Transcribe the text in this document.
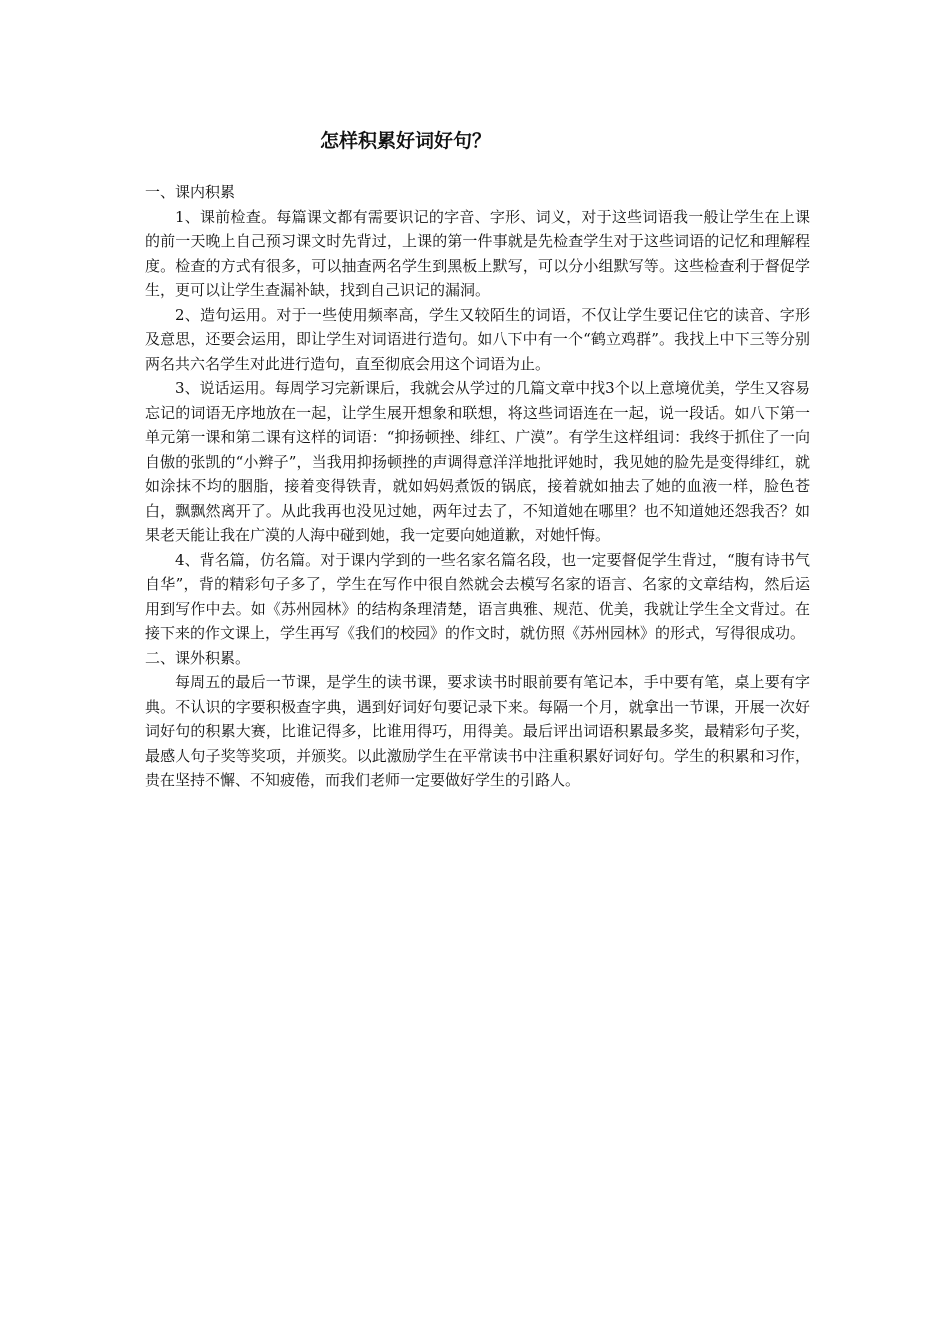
怎样积累好词好句？

一、课内积累

1、课前检查。每篇课文都有需要识记的字音、字形、词义，对于这些词语我一般让学生在上课的前一天晚上自己预习课文时先背过，上课的第一件事就是先检查学生对于这些词语的记忆和理解程度。检查的方式有很多，可以抽查两名学生到黑板上默写，可以分小组默写等。这些检查利于督促学生，更可以让学生查漏补缺，找到自己识记的漏洞。

2、造句运用。对于一些使用频率高，学生又较陌生的词语，不仅让学生要记住它的读音、字形及意思，还要会运用，即让学生对词语进行造句。如八下中有一个“鹤立鸡群”。我找上中下三等分别两名共六名学生对此进行造句，直至彻底会用这个词语为止。

3、说话运用。每周学习完新课后，我就会从学过的几篇文章中找3个以上意境优美，学生又容易忘记的词语无序地放在一起，让学生展开想象和联想，将这些词语连在一起，说一段话。如八下第一单元第一课和第二课有这样的词语：“抑扬顿挫、绯红、广漠”。有学生这样组词：我终于抓住了一向自傲的张凯的“小辫子”，当我用抑扬顿挫的声调得意洋洋地批评她时，我见她的脸先是变得绯红，就如涂抹不均的胭脂，接着变得铁青，就如妈妈煮饭的锅底，接着就如抽去了她的血液一样，脸色苍白，飘飘然离开了。从此我再也没见过她，两年过去了，不知道她在哪里？也不知道她还怨我否？如果老天能让我在广漠的人海中碰到她，我一定要向她道歉，对她忏悔。

4、背名篇，仿名篇。对于课内学到的一些名家名篇名段，也一定要督促学生背过，“腹有诗书气自华”，背的精彩句子多了，学生在写作中很自然就会去模写名家的语言、名家的文章结构，然后运用到写作中去。如《苏州园林》的结构条理清楚，语言典雅、规范、优美，我就让学生全文背过。在接下来的作文课上，学生再写《我们的校园》的作文时，就仿照《苏州园林》的形式，写得很成功。

二、课外积累。

每周五的最后一节课，是学生的读书课，要求读书时眼前要有笔记本，手中要有笔，桌上要有字典。不认识的字要积极查字典，遇到好词好句要记录下来。每隔一个月，就拿出一节课，开展一次好词好句的积累大赛，比谁记得多，比谁用得巧，用得美。最后评出词语积累最多奖，最精彩句子奖，最感人句子奖等奖项，并颁奖。以此激励学生在平常读书中注重积累好词好句。学生的积累和习作，贵在坚持不懈、不知疲倦，而我们老师一定要做好学生的引路人。
